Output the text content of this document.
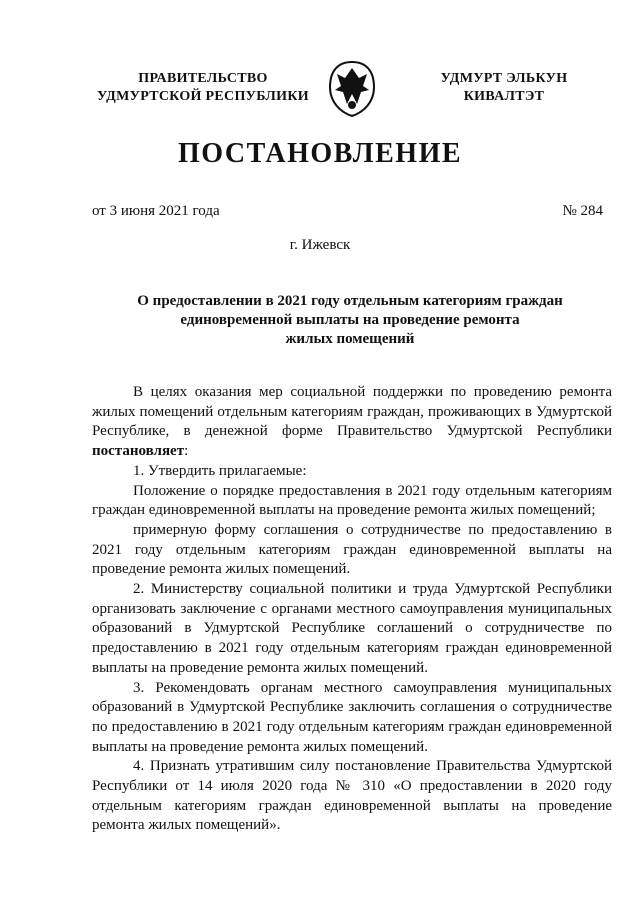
ПРАВИТЕЛЬСТВО
УДМУРТСКОЙ РЕСПУБЛИКИ
УДМУРТ ЭЛЬКУН
КИВАЛТЭТ
ПОСТАНОВЛЕНИЕ
от 3 июня 2021 года	№ 284
г. Ижевск
О предоставлении в 2021 году отдельным категориям граждан
единовременной выплаты на проведение ремонта
жилых помещений

В целях оказания мер социальной поддержки по проведению ремонта жилых помещений отдельным категориям граждан, проживающих в Удмуртской Республике, в денежной форме Правительство Удмуртской Республики постановляет:

1. Утвердить прилагаемые:

Положение о порядке предоставления в 2021 году отдельным категориям граждан единовременной выплаты на проведение ремонта жилых помещений;

примерную форму соглашения о сотрудничестве по предоставлению в 2021 году отдельным категориям граждан единовременной выплаты на проведение ремонта жилых помещений.

2. Министерству социальной политики и труда Удмуртской Республики организовать заключение с органами местного самоуправления муниципальных образований в Удмуртской Республике соглашений о сотрудничестве по предоставлению в 2021 году отдельным категориям граждан единовременной выплаты на проведение ремонта жилых помещений.

3. Рекомендовать органам местного самоуправления муниципальных образований в Удмуртской Республике заключить соглашения о сотрудничестве по предоставлению в 2021 году отдельным категориям граждан единовременной выплаты на проведение ремонта жилых помещений.

4. Признать утратившим силу постановление Правительства Удмуртской Республики от 14 июля 2020 года № 310 «О предоставлении в 2020 году отдельным категориям граждан единовременной выплаты на проведение ремонта жилых помещений».
